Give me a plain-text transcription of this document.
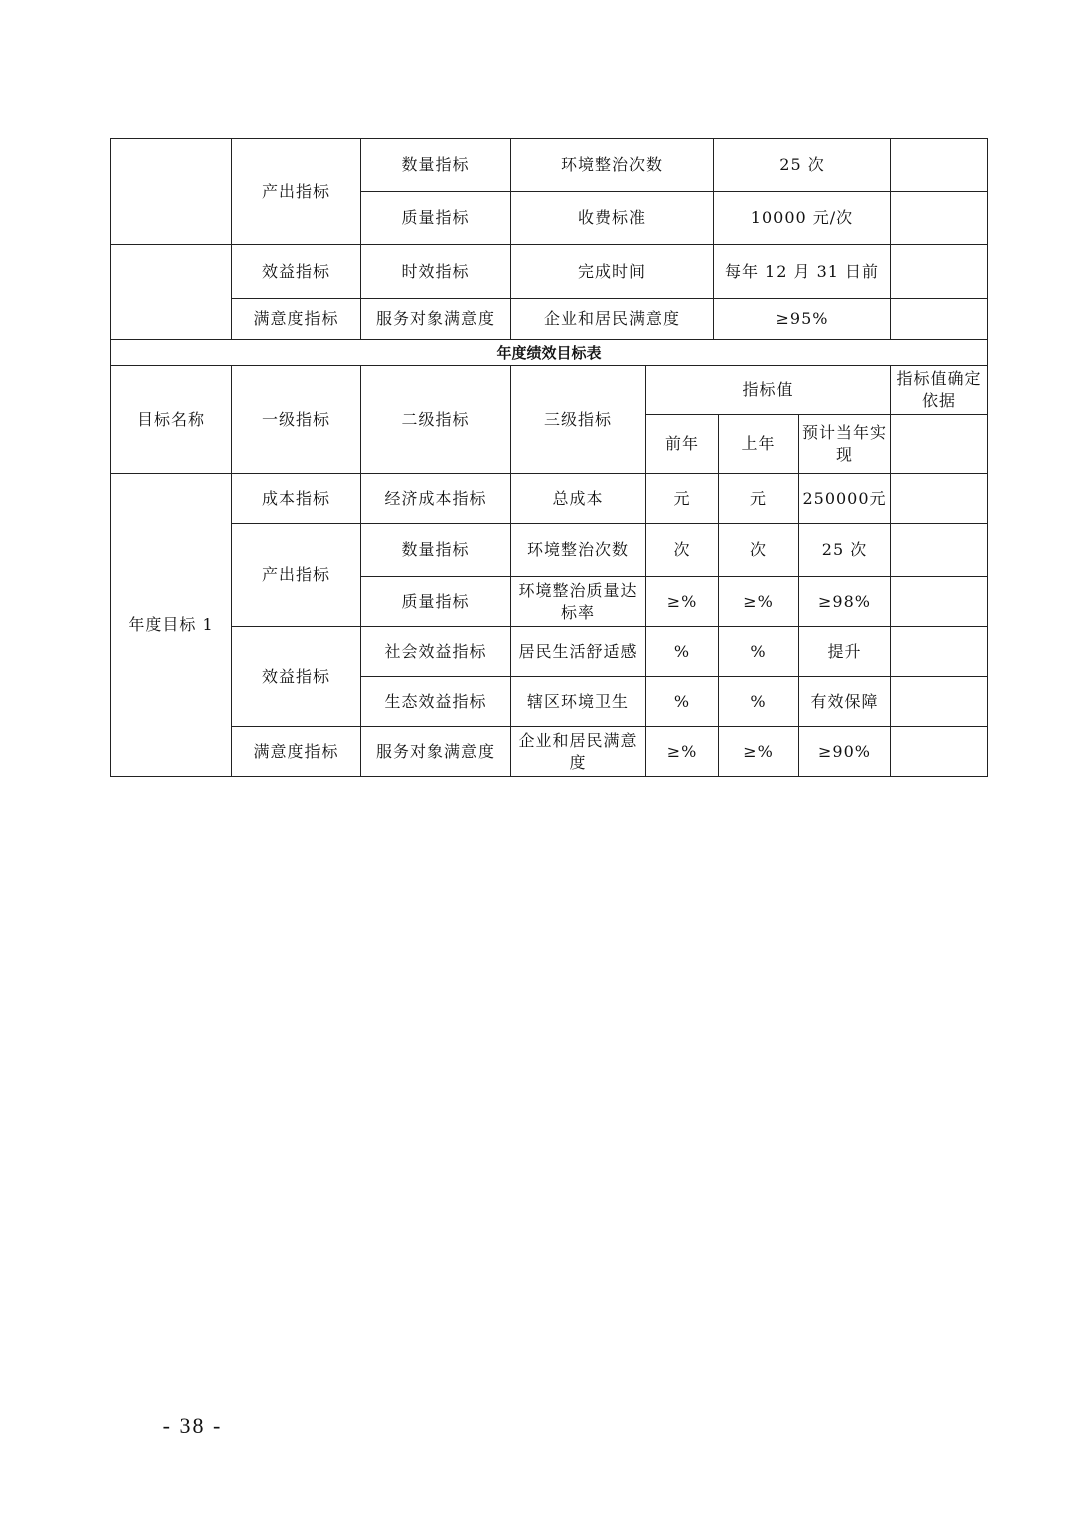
	产出指标	数量指标	环境整治次数	25 次	
		质量指标	收费标准	10000 元/次	
	效益指标	时效指标	完成时间	每年 12 月 31 日前	
	满意度指标	服务对象满意度	企业和居民满意度	≥95%	
年度绩效目标表							
目标名称	一级指标	二级指标	三级指标	指标值			指标值确定依据
				前年	上年	预计当年实现	
年度目标 1	成本指标	经济成本指标	总成本	元	元	250000元	
	产出指标	数量指标	环境整治次数	次	次	25 次	
		质量指标	环境整治质量达标率	≥%	≥%	≥98%	
	效益指标	社会效益指标	居民生活舒适感	%	%	提升	
		生态效益指标	辖区环境卫生	%	%	有效保障	
	满意度指标	服务对象满意度	企业和居民满意度	≥%	≥%	≥90%	
- 38 -
